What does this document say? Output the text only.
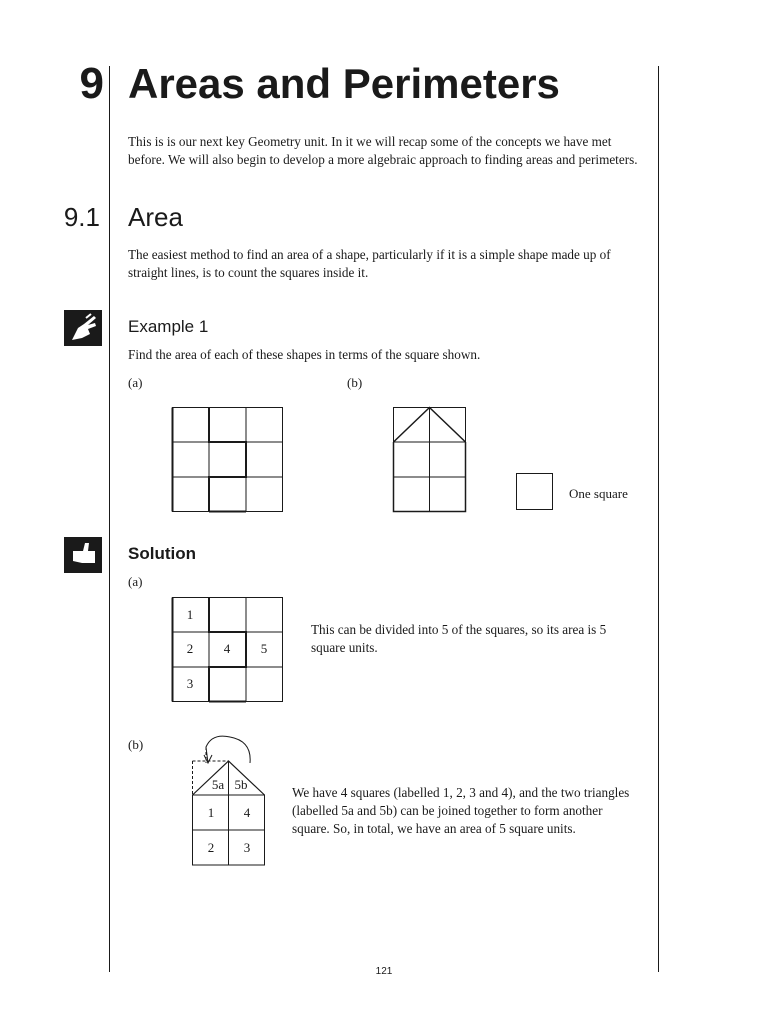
9 Areas and Perimeters
This is is our next key Geometry unit. In it we will recap some of the concepts we have met before. We will also begin to develop a more algebraic approach to finding areas and perimeters.
9.1 Area
The easiest method to find an area of a shape, particularly if it is a simple shape made up of straight lines, is to count the squares inside it.
Example 1
Find the area of each of these shapes in terms of the square shown.
(a)	(b)
One square
Solution
(a)
1
2 4 5
3
This can be divided into 5 of the squares, so its area is 5 square units.
(b)
5a 5b
1 4
2 3
We have 4 squares (labelled 1, 2, 3 and 4), and the two triangles (labelled 5a and 5b) can be joined together to form another square. So, in total, we have an area of 5 square units.
121
